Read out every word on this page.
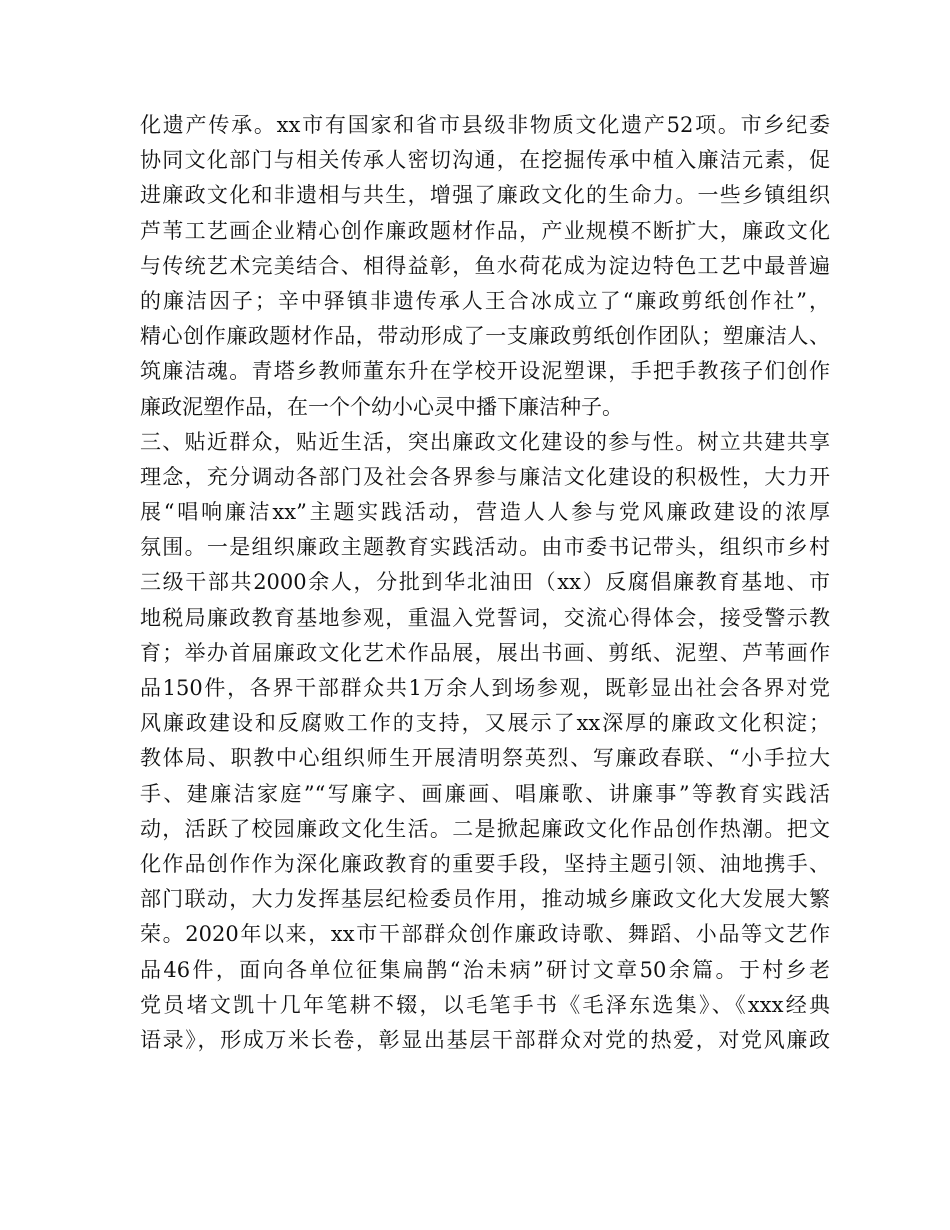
化遗产传承。xx市有国家和省市县级非物质文化遗产52项。市乡纪委
协同文化部门与相关传承人密切沟通，在挖掘传承中植入廉洁元素，促
进廉政文化和非遗相与共生，增强了廉政文化的生命力。一些乡镇组织
芦苇工艺画企业精心创作廉政题材作品，产业规模不断扩大，廉政文化
与传统艺术完美结合、相得益彰，鱼水荷花成为淀边特色工艺中最普遍
的廉洁因子；辛中驿镇非遗传承人王合冰成立了“廉政剪纸创作社”，
精心创作廉政题材作品，带动形成了一支廉政剪纸创作团队；塑廉洁人、
筑廉洁魂。青塔乡教师董东升在学校开设泥塑课，手把手教孩子们创作
廉政泥塑作品，在一个个幼小心灵中播下廉洁种子。
三、贴近群众，贴近生活，突出廉政文化建设的参与性。树立共建共享
理念，充分调动各部门及社会各界参与廉洁文化建设的积极性，大力开
展“唱响廉洁xx”主题实践活动，营造人人参与党风廉政建设的浓厚
氛围。一是组织廉政主题教育实践活动。由市委书记带头，组织市乡村
三级干部共2000余人，分批到华北油田（xx）反腐倡廉教育基地、市
地税局廉政教育基地参观，重温入党誓词，交流心得体会，接受警示教
育；举办首届廉政文化艺术作品展，展出书画、剪纸、泥塑、芦苇画作
品150件，各界干部群众共1万余人到场参观，既彰显出社会各界对党
风廉政建设和反腐败工作的支持，又展示了xx深厚的廉政文化积淀；
教体局、职教中心组织师生开展清明祭英烈、写廉政春联、“小手拉大
手、建廉洁家庭”“写廉字、画廉画、唱廉歌、讲廉事”等教育实践活
动，活跃了校园廉政文化生活。二是掀起廉政文化作品创作热潮。把文
化作品创作作为深化廉政教育的重要手段，坚持主题引领、油地携手、
部门联动，大力发挥基层纪检委员作用，推动城乡廉政文化大发展大繁
荣。2020年以来，xx市干部群众创作廉政诗歌、舞蹈、小品等文艺作
品46件，面向各单位征集扁鹊“治未病”研讨文章50余篇。于村乡老
党员堵文凯十几年笔耕不辍，以毛笔手书《毛泽东选集》、《xxx经典
语录》，形成万米长卷，彰显出基层干部群众对党的热爱，对党风廉政
